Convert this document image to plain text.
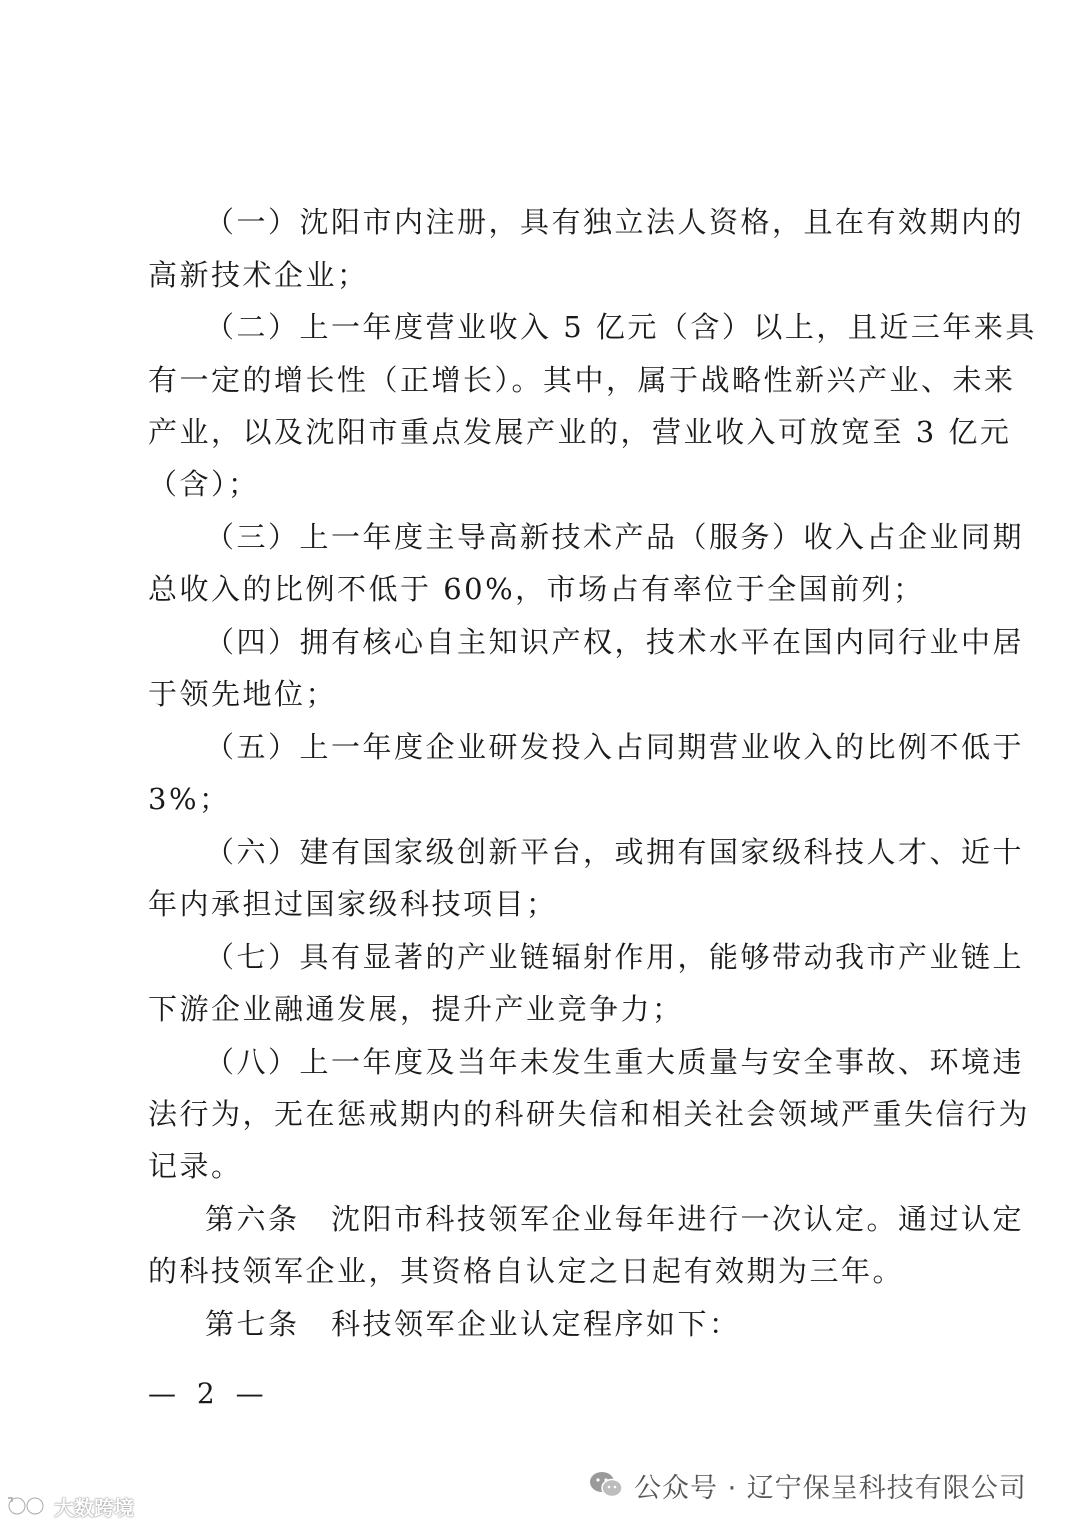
（一）沈阳市内注册，具有独立法人资格，且在有效期内的
高新技术企业；
（二）上一年度营业收入 5 亿元（含）以上，且近三年来具
有一定的增长性（正增长）。其中，属于战略性新兴产业、未来
产业，以及沈阳市重点发展产业的，营业收入可放宽至 3 亿元
（含）；
（三）上一年度主导高新技术产品（服务）收入占企业同期
总收入的比例不低于 60%，市场占有率位于全国前列；
（四）拥有核心自主知识产权，技术水平在国内同行业中居
于领先地位；
（五）上一年度企业研发投入占同期营业收入的比例不低于
3%；
（六）建有国家级创新平台，或拥有国家级科技人才、近十
年内承担过国家级科技项目；
（七）具有显著的产业链辐射作用，能够带动我市产业链上
下游企业融通发展，提升产业竞争力；
（八）上一年度及当年未发生重大质量与安全事故、环境违
法行为，无在惩戒期内的科研失信和相关社会领域严重失信行为
记录。
第六条　沈阳市科技领军企业每年进行一次认定。通过认定
的科技领军企业，其资格自认定之日起有效期为三年。
第七条　科技领军企业认定程序如下：
— 2 —
公众号 · 辽宁保呈科技有限公司
大数跨境
